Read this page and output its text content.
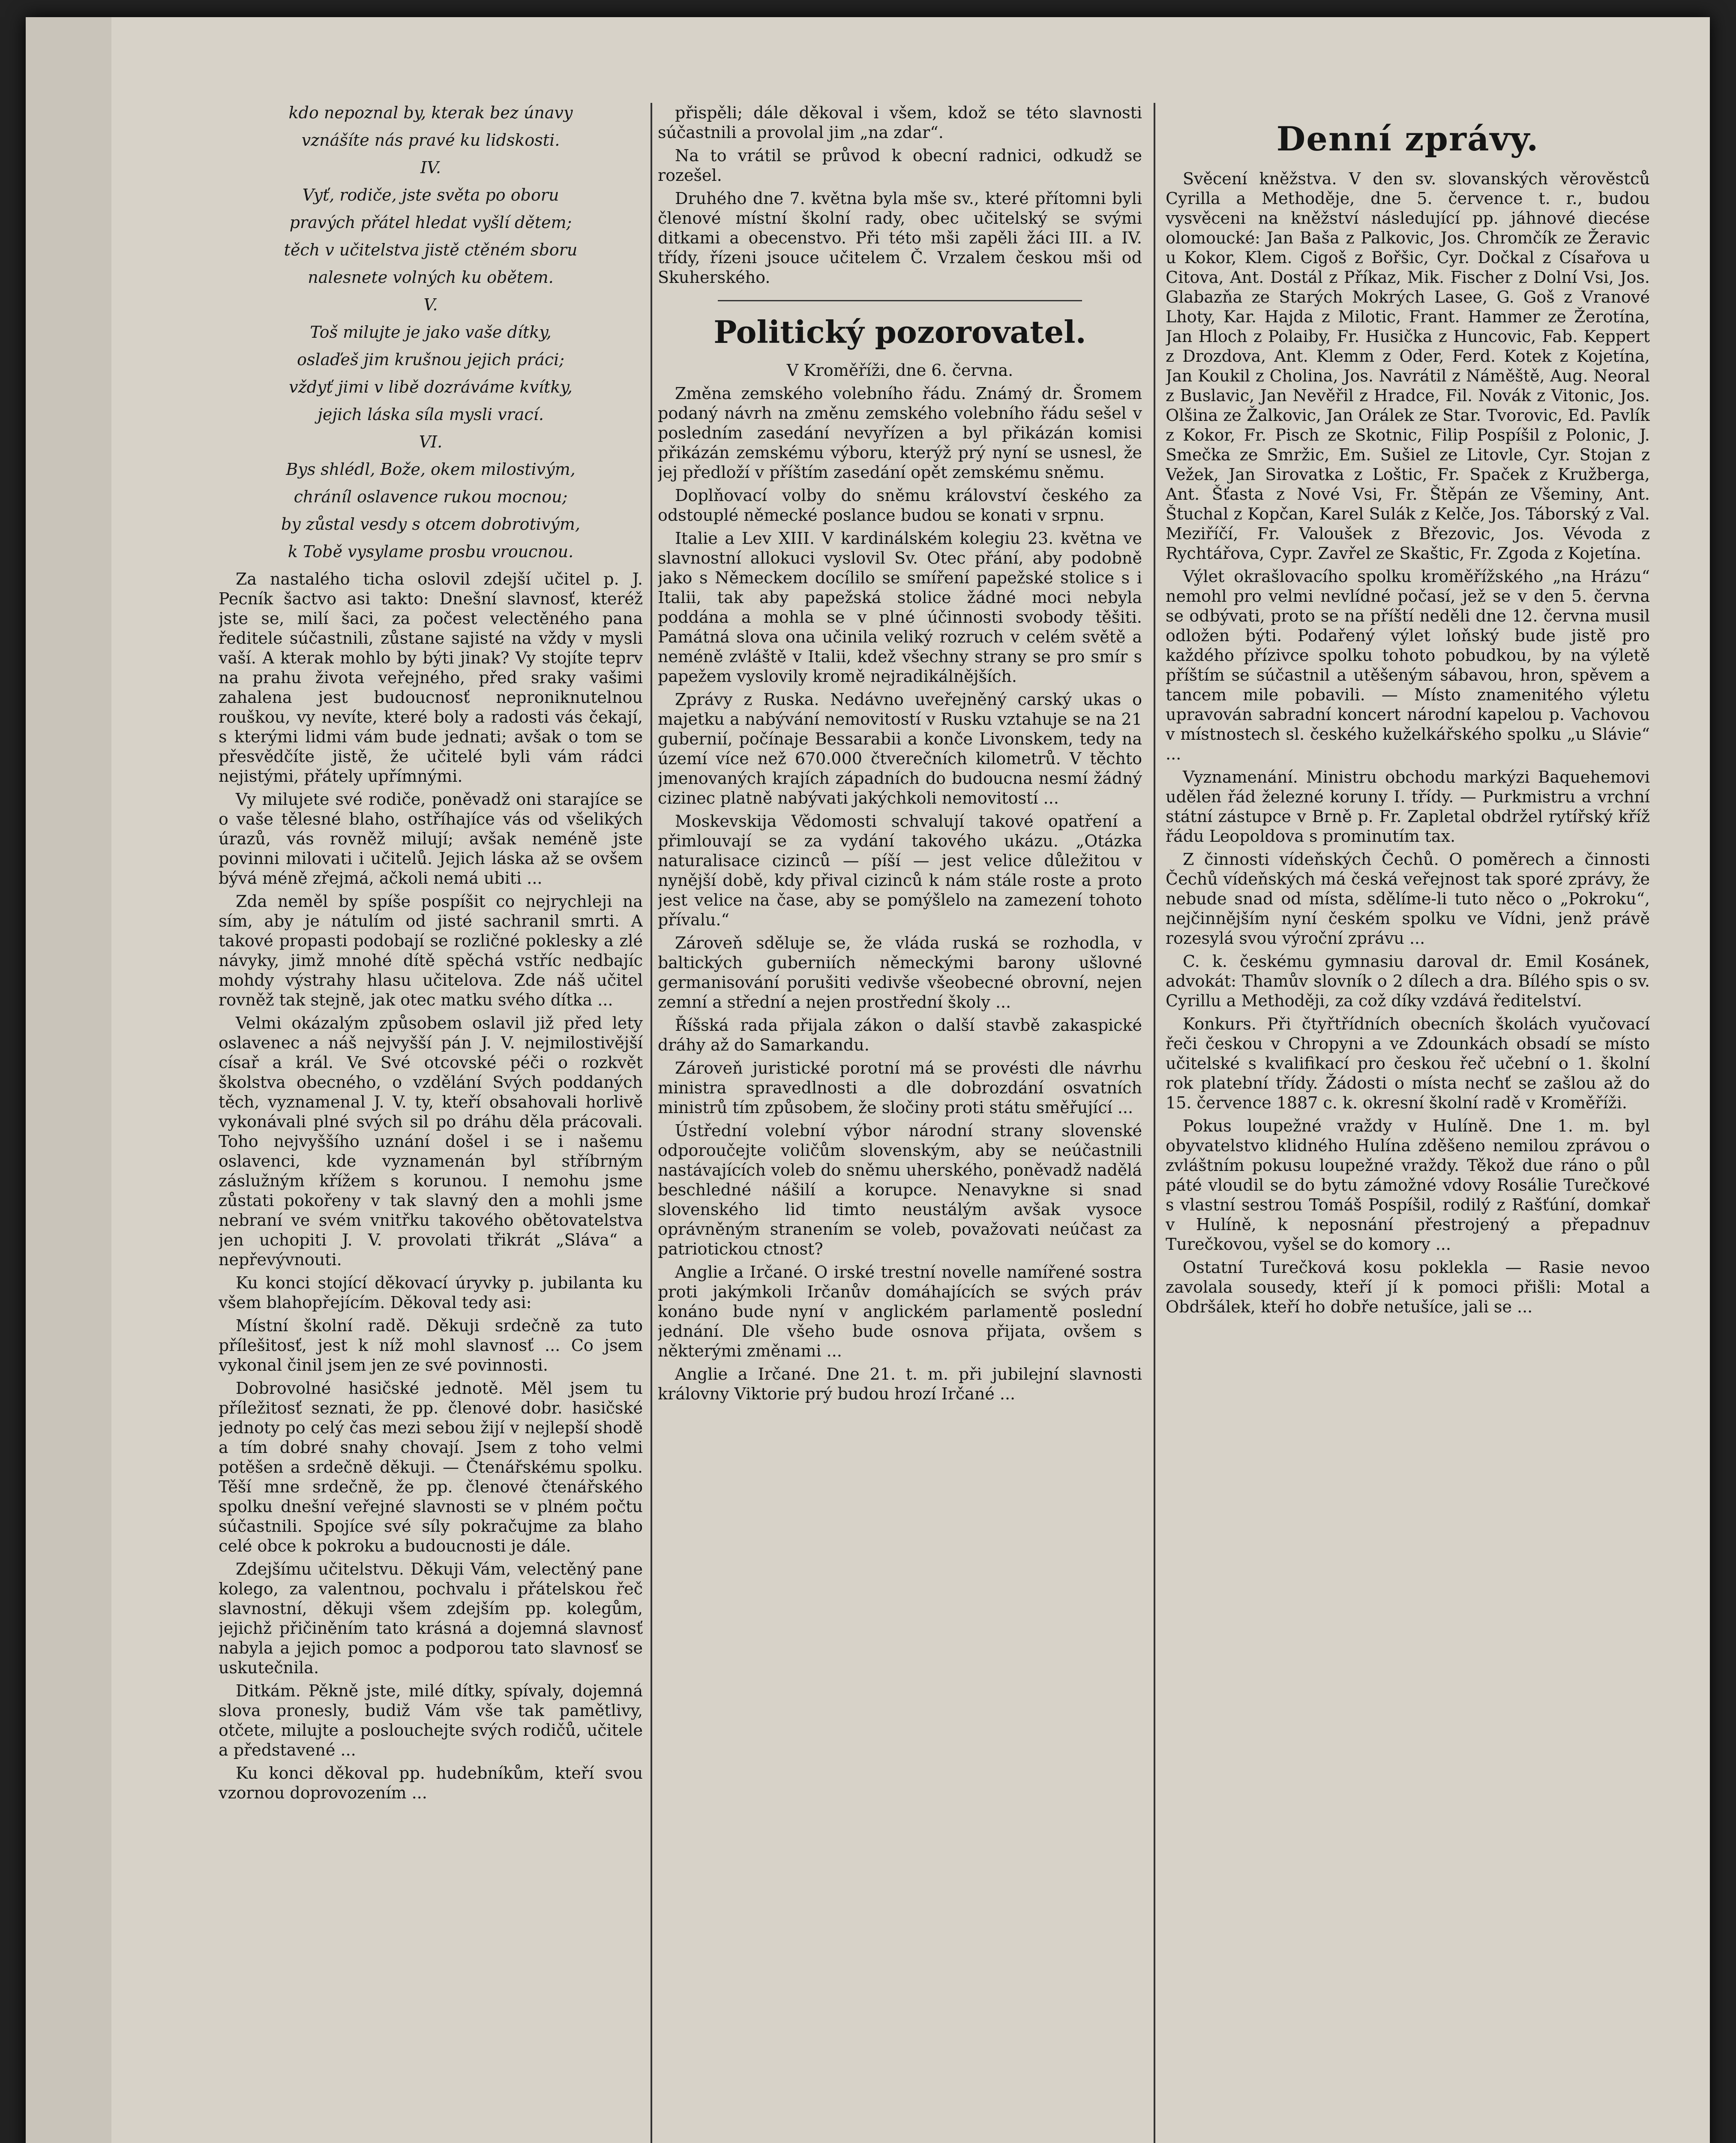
kdo nepoznal by, kterak bez únavy

vznášíte nás pravé ku lidskosti.

IV.

Vyť, rodiče, jste světa po oboru

pravých přátel hledat vyšlí dětem;

těch v učitelstva jistě ctěném sboru

nalesnete volných ku obětem.

V.

Toš milujte je jako vaše dítky,

oslaďeš jim krušnou jejich práci;

vždyť jimi v libě dozráváme kvítky,

jejich láska síla mysli vrací.

VI.

Bys shlédl, Bože, okem milostivým,

chráníl oslavence rukou mocnou;

by zůstal vesdy s otcem dobrotivým,

k Tobě vysylame prosbu vroucnou.

Za nastalého ticha oslovil zdejší učitel p. J. Pecník šactvo asi takto: Dnešní slavnosť, kteréž jste se, milí šaci, za počest velectěného pana ředitele súčastnili, zůstane sajisté na vždy v mysli vaší. A kterak mohlo by býti jinak? Vy stojíte teprv na prahu života veřejného, před sraky vašimi zahalena jest budoucnosť neproniknutelnou rouškou, vy nevíte, které boly a radosti vás čekají, s kterými lidmi vám bude jednati; avšak o tom se přesvědčíte jistě, že učitelé byli vám rádci nejistými, přátely upřímnými.

Vy milujete své rodiče, poněvadž oni starajíce se o vaše tělesné blaho, ostříhajíce vás od všelikých úrazů, vás rovněž milují; avšak neméně jste povinni milovati i učitelů. Jejich láska až se ovšem bývá méně zřejmá, ačkoli nemá ubiti ...

Zda neměl by spíše pospíšit co nejrychleji na sím, aby je nátulím od jisté sachranil smrti. A takové propasti podobají se rozličné poklesky a zlé návyky, jimž mnohé dítě spěchá vstříc nedbajíc mohdy výstrahy hlasu učitelova. Zde náš učitel rovněž tak stejně, jak otec matku svého dítka ...

Velmi okázalým způsobem oslavil již před lety oslavenec a náš nejvyšší pán J. V. nejmilostivější císař a král. Ve Své otcovské péči o rozkvět školstva obecného, o vzdělání Svých poddaných těch, vyznamenal J. V. ty, kteří obsahovali horlivě vykonávali plné svých sil po dráhu děla prácovali. Toho nejvyššího uznání došel i se i našemu oslavenci, kde vyznamenán byl stříbrným záslužným křížem s korunou. I nemohu jsme zůstati pokořeny v tak slavný den a mohli jsme nebraní ve svém vnitřku takového obětovatelstva jen uchopiti J. V. provolati třikrát „Sláva“ a nepřevývnouti.

Ku konci stojící děkovací úryvky p. jubilanta ku všem blahopřejícím. Děkoval tedy asi:

Místní školní radě. Děkuji srdečně za tuto přílešitosť, jest k níž mohl slavnosť ... Co jsem vykonal činil jsem jen ze své povinnosti.

Dobrovolné hasičské jednotě. Měl jsem tu příležitosť seznati, že pp. členové dobr. hasičské jednoty po celý čas mezi sebou žijí v nejlepší shodě a tím dobré snahy chovají. Jsem z toho velmi potěšen a srdečně děkuji. — Čtenářskému spolku. Těší mne srdečně, že pp. členové čtenářského spolku dnešní veřejné slavnosti se v plném počtu súčastnili. Spojíce své síly pokračujme za blaho celé obce k pokroku a budoucnosti je dále.

Zdejšímu učitelstvu. Děkuji Vám, velectěný pane kolego, za valentnou, pochvalu i přátelskou řeč slavnostní, děkuji všem zdejším pp. kolegům, jejichž přičiněním tato krásná a dojemná slavnosť nabyla a jejich pomoc a podporou tato slavnosť se uskutečnila.

Ditkám. Pěkně jste, milé dítky, spívaly, dojemná slova pronesly, budiž Vám vše tak pamětlivy, otčete, milujte a poslouchejte svých rodičů, učitele a představené ...

Ku konci děkoval pp. hudebníkům, kteří svou vzornou doprovozením ...

přispěli; dále děkoval i všem, kdož se této slavnosti súčastnili a provolal jim „na zdar“.

Na to vrátil se průvod k obecní radnici, odkudž se rozešel.

Druhého dne 7. května byla mše sv., které přítomni byli členové místní školní rady, obec učitelský se svými ditkami a obecenstvo. Při této mši zapěli žáci III. a IV. třídy, řízeni jsouce učitelem Č. Vrzalem českou mši od Skuherského.

Politický pozorovatel.

V Kroměříži, dne 6. června.

Změna zemského volebního řádu. Známý dr. Šromem podaný návrh na změnu zemského volebního řádu sešel v posledním zasedání nevyřízen a byl přikázán komisi přikázán zemskému výboru, kterýž prý nyní se usnesl, že jej předloží v příštím zasedání opět zemskému sněmu.

Doplňovací volby do sněmu království českého za odstouplé německé poslance budou se konati v srpnu.

Italie a Lev XIII. V kardinálském kolegiu 23. května ve slavnostní allokuci vyslovil Sv. Otec přání, aby podobně jako s Německem docílilo se smíření papežské stolice s i Italii, tak aby papežská stolice žádné moci nebyla poddána a mohla se v plné účinnosti svobody těšiti. Památná slova ona učinila veliký rozruch v celém světě a neméně zvláště v Italii, kdež všechny strany se pro smír s papežem vyslovily kromě nejradikálnějších.

Zprávy z Ruska. Nedávno uveřejněný carský ukas o majetku a nabývání nemovitostí v Rusku vztahuje se na 21 gubernií, počínaje Bessarabii a konče Livonskem, tedy na území více než 670.000 čtverečních kilometrů. V těchto jmenovaných krajích západních do budoucna nesmí žádný cizinec platně nabývati jakýchkoli nemovitostí ...

Moskevskija Vědomosti schvalují takové opatření a přimlouvají se za vydání takového ukázu. „Otázka naturalisace cizinců — píší — jest velice důležitou v nynější době, kdy přival cizinců k nám stále roste a proto jest velice na čase, aby se pomýšlelo na zamezení tohoto přívalu.“

Zároveň sděluje se, že vláda ruská se rozhodla, v baltických guberniích německými barony ušlovné germanisování porušiti vedivše všeobecné obrovní, nejen zemní a střední a nejen prostřední školy ...

Říšská rada přijala zákon o další stavbě zakaspické dráhy až do Samarkandu.

Zároveň juristické porotní má se provésti dle návrhu ministra spravedlnosti a dle dobrozdání osvatních ministrů tím způsobem, že sločiny proti státu směřující ...

Ústřední volební výbor národní strany slovenské odporoučejte voličům slovenským, aby se neúčastnili nastávajících voleb do sněmu uherského, poněvadž nadělá beschledné nášilí a korupce. Nenavykne si snad slovenského lid timto neustálým avšak vysoce oprávněným stranením se voleb, považovati neúčast za patriotickou ctnost?

Anglie a Irčané. O irské trestní novelle namířené sostra proti jakýmkoli Irčanův domáhajících se svých práv konáno bude nyní v anglickém parlamentě poslední jednání. Dle všeho bude osnova přijata, ovšem s některými změnami ...

Anglie a Irčané. Dne 21. t. m. při jubilejní slavnosti královny Viktorie prý budou hrozí Irčané ...

Denní zprávy.

Svěcení kněžstva. V den sv. slovanských věrověstců Cyrilla a Methoděje, dne 5. července t. r., budou vysvěceni na kněžství následující pp. jáhnové diecése olomoucké: Jan Baša z Palkovic, Jos. Chromčík ze Žeravic u Kokor, Klem. Cigoš z Bořšic, Cyr. Dočkal z Císařova u Citova, Ant. Dostál z Příkaz, Mik. Fischer z Dolní Vsi, Jos. Glabazňa ze Starých Mokrých Lasee, G. Goš z Vranové Lhoty, Kar. Hajda z Milotic, Frant. Hammer ze Žerotína, Jan Hloch z Polaiby, Fr. Husička z Huncovic, Fab. Keppert z Drozdova, Ant. Klemm z Oder, Ferd. Kotek z Kojetína, Jan Koukil z Cholina, Jos. Navrátil z Náměště, Aug. Neoral z Buslavic, Jan Nevěřil z Hradce, Fil. Novák z Vitonic, Jos. Olšina ze Žalkovic, Jan Orálek ze Star. Tvorovic, Ed. Pavlík z Kokor, Fr. Pisch ze Skotnic, Filip Pospíšil z Polonic, J. Smečka ze Smržic, Em. Sušiel ze Litovle, Cyr. Stojan z Vežek, Jan Sirovatka z Loštic, Fr. Spaček z Kružberga, Ant. Šťasta z Nové Vsi, Fr. Štěpán ze Všeminy, Ant. Štuchal z Kopčan, Karel Sulák z Kelče, Jos. Táborský z Val. Meziříčí, Fr. Valoušek z Březovic, Jos. Vévoda z Rychtářova, Cypr. Zavřel ze Skaštic, Fr. Zgoda z Kojetína.

Výlet okrašlovacího spolku kroměřížského „na Hrázu“ nemohl pro velmi nevlídné počasí, jež se v den 5. června se odbývati, proto se na příští neděli dne 12. června musil odložen býti. Podařený výlet loňský bude jistě pro každého přízivce spolku tohoto pobudkou, by na výletě příštím se súčastnil a utěšeným sábavou, hron, spěvem a tancem mile pobavili. — Místo znamenitého výletu upravován sabradní koncert národní kapelou p. Vachovou v místnostech sl. českého kuželkářského spolku „u Slávie“ ...

Vyznamenání. Ministru obchodu markýzi Baquehemovi udělen řád železné koruny I. třídy. — Purkmistru a vrchní státní zástupce v Brně p. Fr. Zapletal obdržel rytířský kříž řádu Leopoldova s prominutím tax.

Z činnosti vídeňských Čechů. O poměrech a činnosti Čechů vídeňských má česká veřejnost tak sporé zprávy, že nebude snad od místa, sdělíme-li tuto něco o „Pokroku“, nejčinnějším nyní českém spolku ve Vídni, jenž právě rozesylá svou výroční zprávu ...

C. k. českému gymnasiu daroval dr. Emil Kosánek, advokát: Thamův slovník o 2 dílech a dra. Bílého spis o sv. Cyrillu a Methoději, za což díky vzdává ředitelství.

Konkurs. Při čtyřtřídních obecních školách vyučovací řeči českou v Chropyni a ve Zdounkách obsadí se místo učitelské s kvalifikací pro českou řeč učební o 1. školní rok platební třídy. Žádosti o místa nechť se zašlou až do 15. července 1887 c. k. okresní školní radě v Kroměříži.

Pokus loupežné vraždy v Hulíně. Dne 1. m. byl obyvatelstvo klidného Hulína zděšeno nemilou zprávou o zvláštním pokusu loupežné vraždy. Těkož due ráno o půl páté vloudil se do bytu zámožné vdovy Rosálie Turečkové s vlastní sestrou Tomáš Pospíšil, rodilý z Rašťúní, domkař v Hulíně, k neposnání přestrojený a přepadnuv Turečkovou, vyšel se do komory ...

Ostatní Turečková kosu poklekla — Rasie nevoo zavolala sousedy, kteří jí k pomoci přišli: Motal a Obdršálek, kteří ho dobře netušíce, jali se ...
